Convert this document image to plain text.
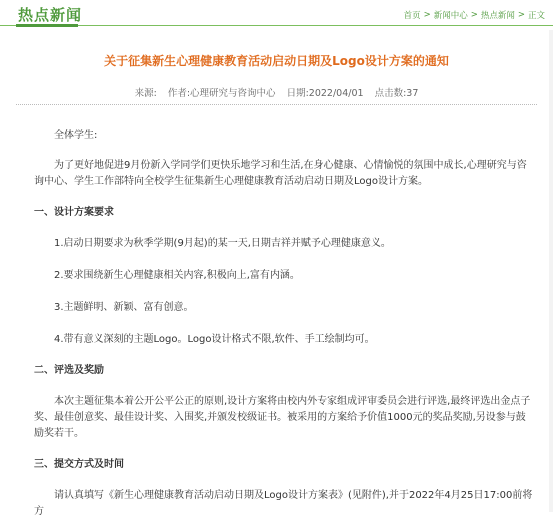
热点新闻	首页 > 新闻中心 > 热点新闻 > 正文
关于征集新生心理健康教育活动启动日期及Logo设计方案的通知
来源: 作者:心理研究与咨询中心 日期:2022/04/01 点击数:37

全体学生:

为了更好地促进9月份新入学同学们更快乐地学习和生活,在身心健康、心情愉悦的氛围中成长,心理研究与咨询中心、学生工作部特向全校学生征集新生心理健康教育活动启动日期及Logo设计方案。

一、设计方案要求

1.启动日期要求为秋季学期(9月起)的某一天,日期吉祥并赋予心理健康意义。

2.要求围绕新生心理健康相关内容,积极向上,富有内涵。

3.主题鲜明、新颖、富有创意。

4.带有意义深刻的主题Logo。Logo设计格式不限,软件、手工绘制均可。

二、评选及奖励

本次主题征集本着公开公平公正的原则,设计方案将由校内外专家组成评审委员会进行评选,最终评选出金点子奖、最佳创意奖、最佳设计奖、入围奖,并颁发校级证书。被采用的方案给予价值1000元的奖品奖励,另设参与鼓励奖若干。

三、提交方式及时间

请认真填写《新生心理健康教育活动启动日期及Logo设计方案表》(见附件),并于2022年4月25日17:00前将方
